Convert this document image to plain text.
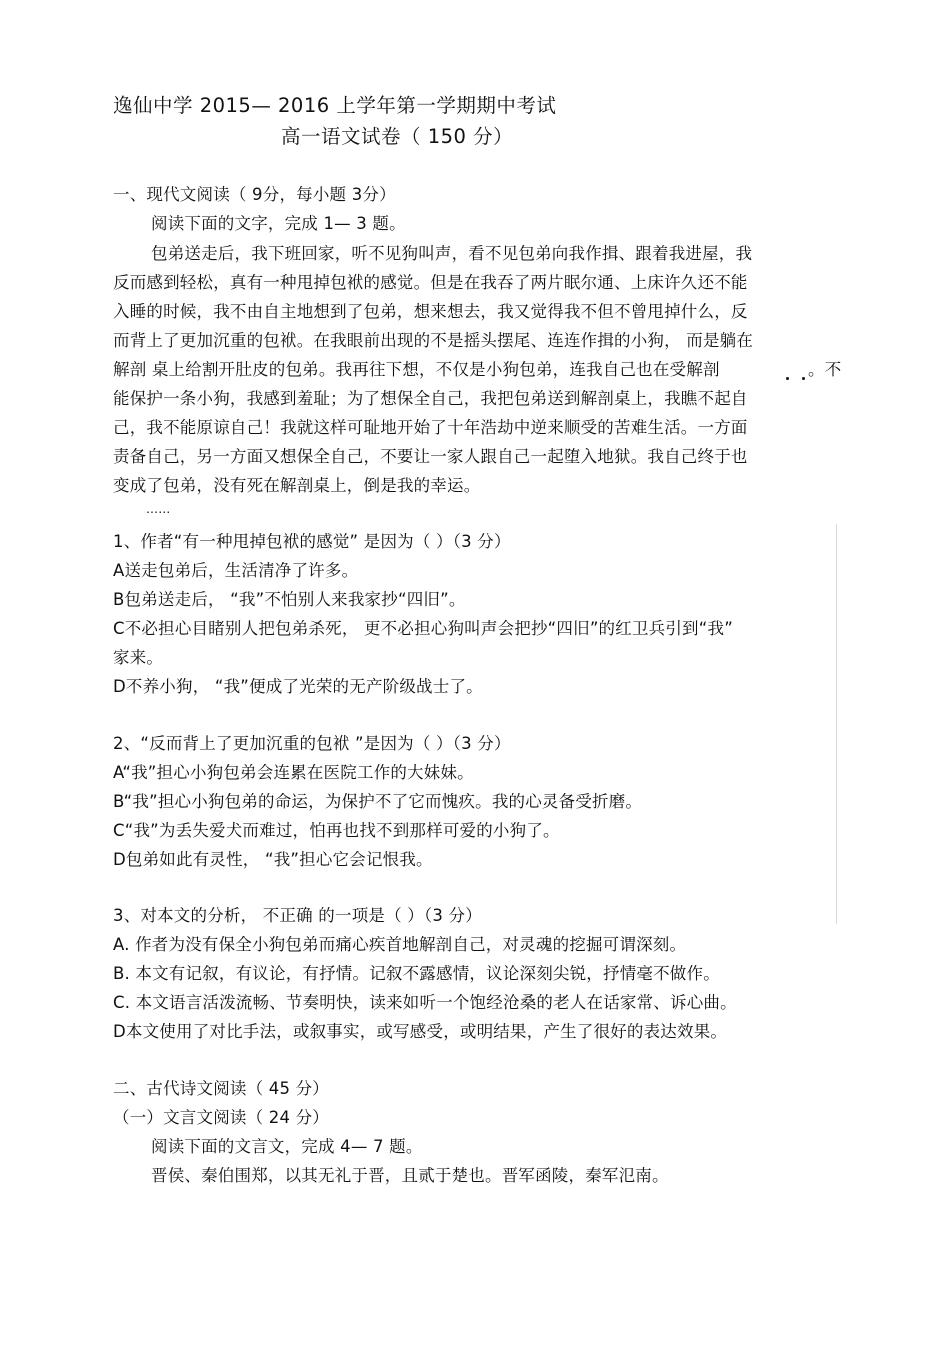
逸仙中学 2015— 2016 上学年第一学期期中考试
高一语文试卷（ 150 分）
一、现代文阅读（ 9分，每小题 3分）
阅读下面的文字，完成 1— 3 题。
包弟送走后，我下班回家，听不见狗叫声，看不见包弟向我作揖、跟着我进屋，我
反而感到轻松，真有一种甩掉包袱的感觉。但是在我吞了两片眠尔通、上床许久还不能
入睡的时候，我不由自主地想到了包弟，想来想去，我又觉得我不但不曾甩掉什么，反
而背上了更加沉重的包袱。在我眼前出现的不是摇头摆尾、连连作揖的小狗， 而是躺在
解剖 桌上给割开肚皮的包弟。我再往下想，不仅是小狗包弟，连我自己也在受解剖	。不
能保护一条小狗，我感到羞耻；为了想保全自己，我把包弟送到解剖桌上，我瞧不起自
己，我不能原谅自己！我就这样可耻地开始了十年浩劫中逆来顺受的苦难生活。一方面
责备自己，另一方面又想保全自己，不要让一家人跟自己一起堕入地狱。我自己终于也
变成了包弟，没有死在解剖桌上，倒是我的幸运。
……
1、作者“有一种甩掉包袱的感觉” 是因为（ ）（3 分）
A送走包弟后，生活清净了许多。
B包弟送走后， “我”不怕别人来我家抄“四旧”。
C不必担心目睹别人把包弟杀死， 更不必担心狗叫声会把抄“四旧”的红卫兵引到“我”
家来。
D不养小狗， “我”便成了光荣的无产阶级战士了。
2、“反而背上了更加沉重的包袱 ”是因为（ ）（3 分）
A“我”担心小狗包弟会连累在医院工作的大妹妹。
B“我”担心小狗包弟的命运，为保护不了它而愧疚。我的心灵备受折磨。
C“我”为丢失爱犬而难过，怕再也找不到那样可爱的小狗了。
D包弟如此有灵性， “我”担心它会记恨我。
3、对本文的分析， 不正确 的一项是（ ）（3 分）
A. 作者为没有保全小狗包弟而痛心疾首地解剖自己，对灵魂的挖掘可谓深刻。
B. 本文有记叙，有议论，有抒情。记叙不露感情，议论深刻尖锐，抒情毫不做作。
C. 本文语言活泼流畅、节奏明快，读来如听一个饱经沧桑的老人在话家常、诉心曲。
D本文使用了对比手法，或叙事实，或写感受，或明结果，产生了很好的表达效果。
二、古代诗文阅读（ 45 分）
（一）文言文阅读（ 24 分）
阅读下面的文言文，完成 4— 7 题。
晋侯、秦伯围郑，以其无礼于晋，且贰于楚也。晋军函陵，秦军氾南。
